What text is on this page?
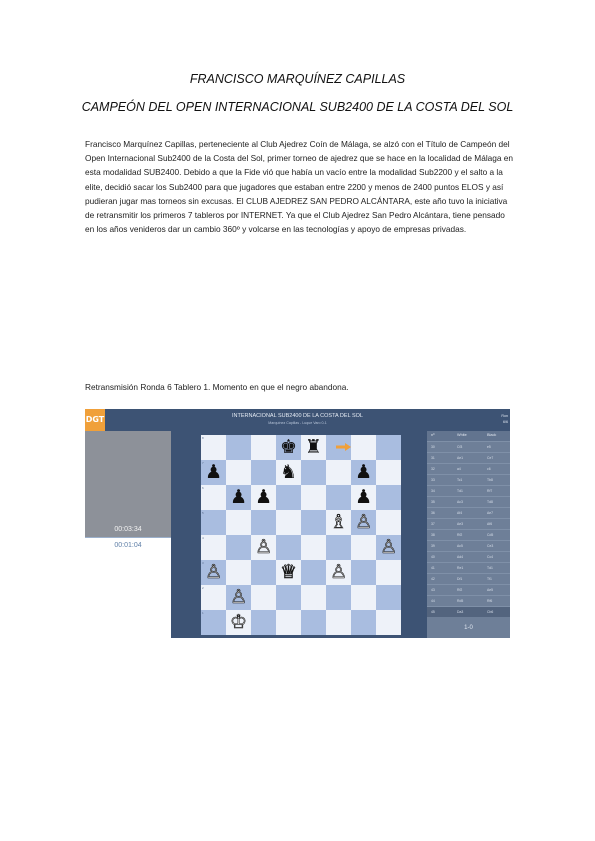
FRANCISCO MARQUÍNEZ CAPILLAS
CAMPEÓN DEL OPEN INTERNACIONAL SUB2400 DE LA COSTA DEL SOL
Francisco Marquínez Capillas, perteneciente al Club Ajedrez Coín de Málaga, se alzó con el Título de Campeón del Open Internacional Sub2400 de la Costa del Sol, primer torneo de ajedrez que se hace en la localidad de Málaga en esta modalidad SUB2400. Debido a que la Fide vió que había un vacío entre la modalidad Sub2200 y el salto a la elite, decidió sacar los Sub2400 para que jugadores que estaban entre 2200 y menos de 2400 puntos ELOS y así pudieran jugar mas torneos sin excusas. El CLUB AJEDREZ SAN PEDRO ALCÁNTARA, este año tuvo la iniciativa de retransmitir los primeros 7 tableros por INTERNET. Ya que el Club Ajedrez San Pedro Alcántara, tiene pensado en los años venideros dar un cambio 360º y volcarse en las tecnologías y apoyo de empresas privadas.
Retransmisión Ronda 6 Tablero 1. Momento en que el negro abandona.
DGT	INTERNACIONAL SUB2400 DE LA COSTA DEL SOL
Marquínez Capillas - Luque Varo 0-1
Ron
6/6
00:03:34
00:01:04
♚ ♜
♟	♞	♟
♟ ♟	♟
♗ ♙
♙	♙
♙	♕ ♙
♙
♔
8
7
6
5
4
3
2
1
nº	White	Black
30	Cf3	e5
31	Ae1	Ce7
32	a4	c6
33	Tc1	Tb8
34	Td1	Rf7
35	Ac3	Td8
36	Af4	Ae7
37	Ae3	Af6
38	Rf2	Cd5
39	Ac5	Ce3
40	Ad4	Cc4
41	Re1	Td1
42	Df1	Tf1
43	Rf2	Ae5
44	Rd5	Rf6
45	Da3	Cb6
1-0
